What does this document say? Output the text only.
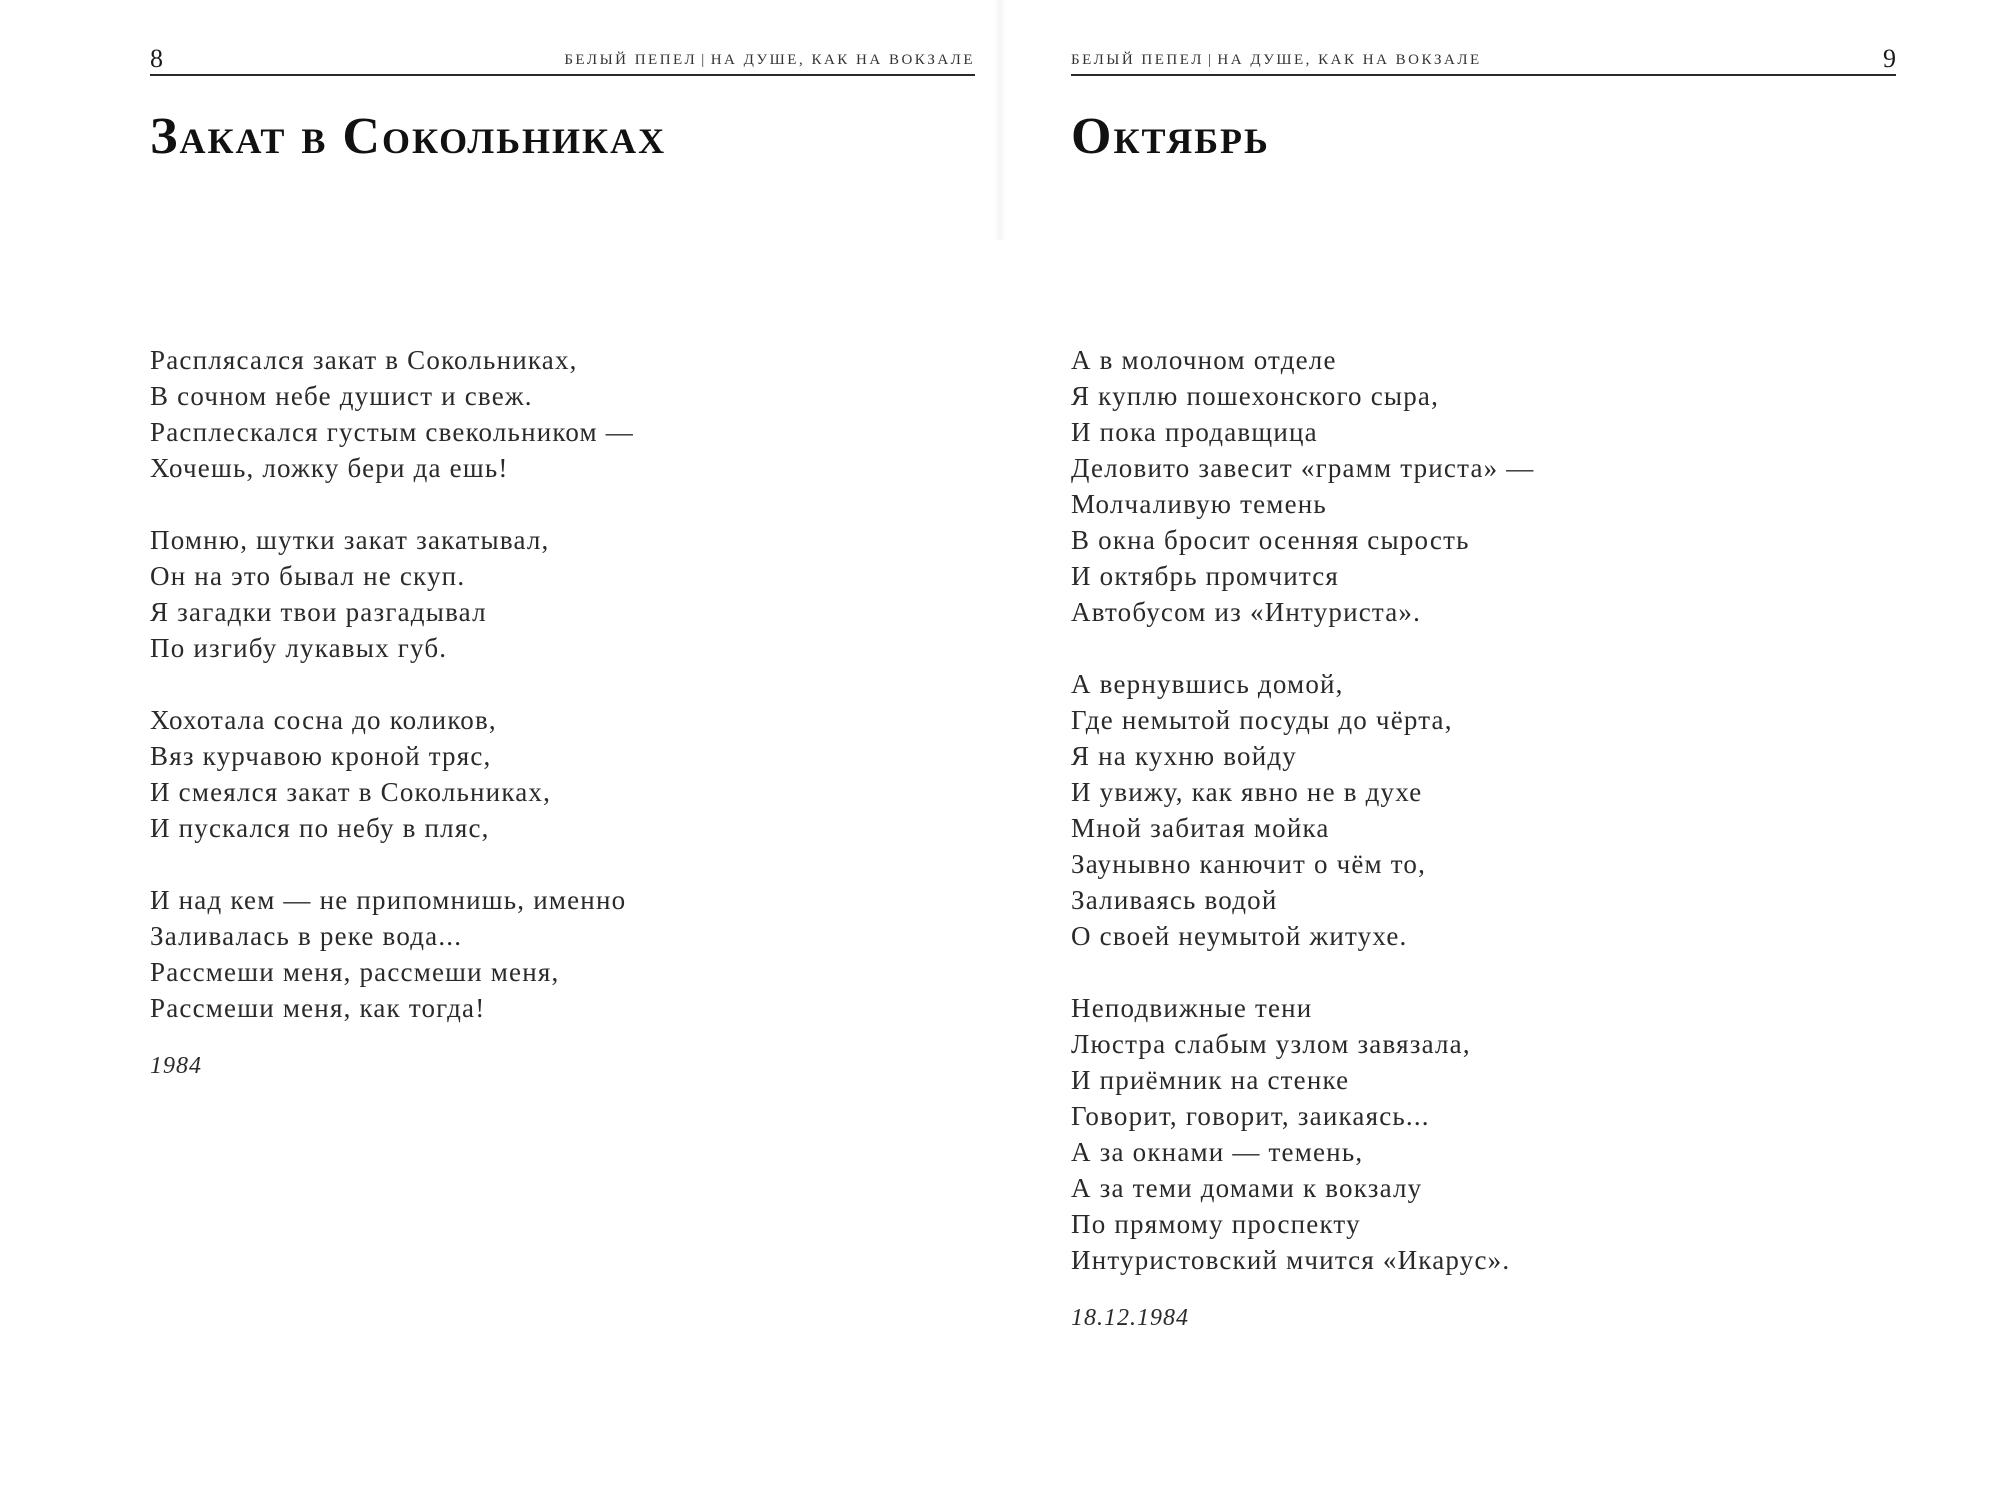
8	БЕЛЫЙ ПЕПЕЛ | НА ДУШЕ, КАК НА ВОКЗАЛЕ
Закат в Сокольниках
Расплясался закат в Сокольниках,
В сочном небе душист и свеж.
Расплескался густым свекольником —
Хочешь, ложку бери да ешь!
Помню, шутки закат закатывал,
Он на это бывал не скуп.
Я загадки твои разгадывал
По изгибу лукавых губ.
Хохотала сосна до коликов,
Вяз курчавою кроной тряс,
И смеялся закат в Сокольниках,
И пускался по небу в пляс,
И над кем — не припомнишь, именно
Заливалась в реке вода...
Рассмеши меня, рассмеши меня,
Рассмеши меня, как тогда!
1984
БЕЛЫЙ ПЕПЕЛ | НА ДУШЕ, КАК НА ВОКЗАЛЕ	9
Октябрь
А в молочном отделе
Я куплю пошехонского сыра,
И пока продавщица
Деловито завесит «грамм триста» —
Молчаливую темень
В окна бросит осенняя сырость
И октябрь промчится
Автобусом из «Интуриста».
А вернувшись домой,
Где немытой посуды до чёрта,
Я на кухню войду
И увижу, как явно не в духе
Мной забитая мойка
Заунывно канючит о чём то,
Заливаясь водой
О своей неумытой житухе.
Неподвижные тени
Люстра слабым узлом завязала,
И приёмник на стенке
Говорит, говорит, заикаясь...
А за окнами — темень,
А за теми домами к вокзалу
По прямому проспекту
Интуристовский мчится «Икарус».
18.12.1984
